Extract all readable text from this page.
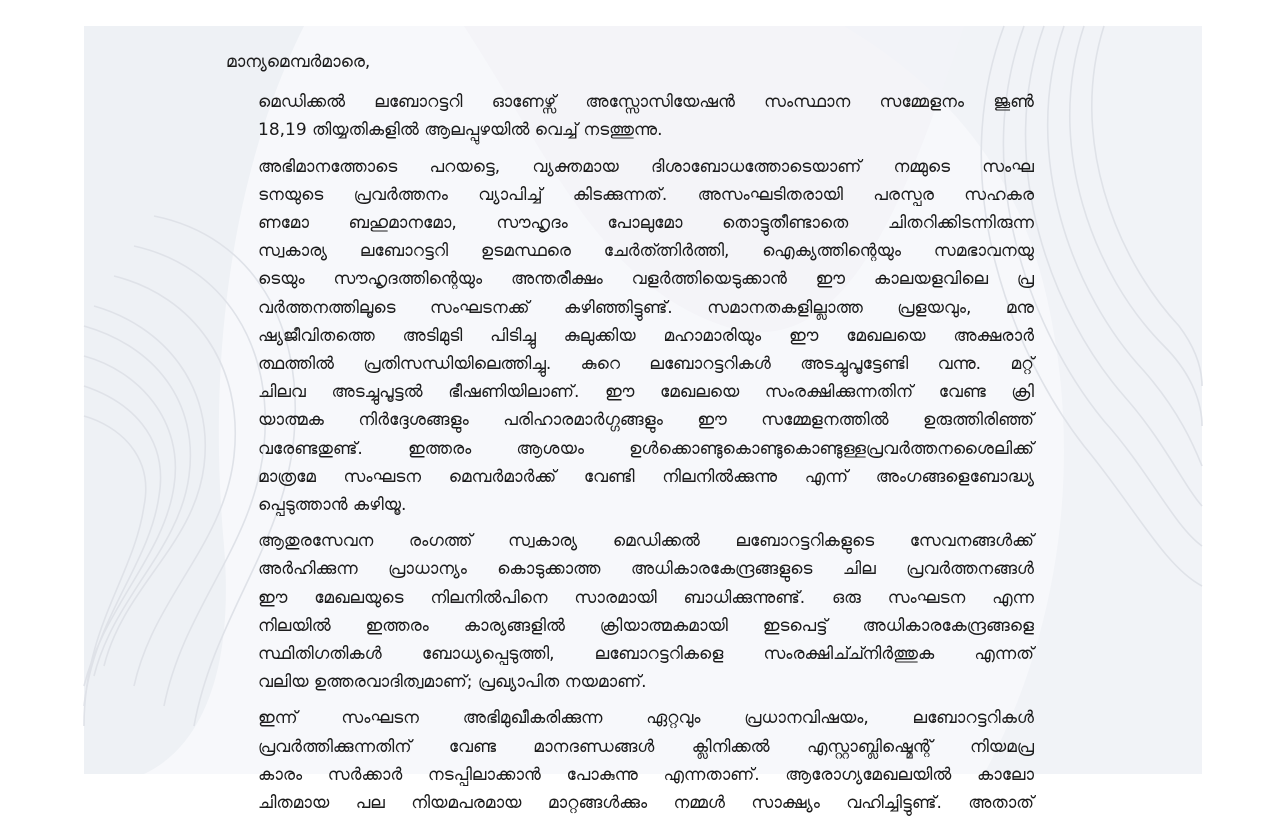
മാന്യമെമ്പർമാരെ,
മെഡിക്കൽ ലബോറട്ടറി ഓണേഴ്സ് അസ്സോസിയേഷൻ സംസ്ഥാന സമ്മേളനം ജൂൺ
18,19 തിയ്യതികളിൽ ആലപ്പുഴയിൽ വെച്ച് നടത്തുന്നു.
അഭിമാനത്തോടെ പറയട്ടെ, വ്യക്തമായ ദിശാബോധത്തോടെയാണ് നമ്മുടെ സംഘ
ടനയുടെ പ്രവർത്തനം വ്യാപിച്ച് കിടക്കുന്നത്. അസംഘടിതരായി പരസ്പര സഹകര
ണമോ ബഹുമാനമോ, സൗഹൃദം പോലുമോ തൊട്ടുതീണ്ടാതെ ചിതറിക്കിടന്നിരുന്ന
സ്വകാര്യ ലബോറട്ടറി ഉടമസ്ഥരെ ചേർത്ത്നിർത്തി, ഐക്യത്തിന്റെയും സമഭാവനയു
ടെയും സൗഹൃദത്തിന്റെയും അന്തരീക്ഷം വളർത്തിയെടുക്കാൻ ഈ കാലയളവിലെ പ്ര
വർത്തനത്തിലൂടെ സംഘടനക്ക് കഴിഞ്ഞിട്ടുണ്ട്. സമാനതകളില്ലാത്ത പ്രളയവും, മനു
ഷ്യജീവിതത്തെ അടിമുടി പിടിച്ചു കുലുക്കിയ മഹാമാരിയും ഈ മേഖലയെ അക്ഷരാർ
ത്ഥത്തിൽ പ്രതിസന്ധിയിലെത്തിച്ചു. കുറെ ലബോറട്ടറികൾ അടച്ചുപൂട്ടേണ്ടി വന്നു. മറ്റ്
ചിലവ അടച്ചുപൂട്ടൽ ഭീഷണിയിലാണ്. ഈ മേഖലയെ സംരക്ഷിക്കുന്നതിന് വേണ്ട ക്രി
യാത്മക നിർദ്ദേശങ്ങളും പരിഹാരമാർഗ്ഗങ്ങളും ഈ സമ്മേളനത്തിൽ ഉരുത്തിരിഞ്ഞ്
വരേണ്ടതുണ്ട്. ഇത്തരം ആശയം ഉൾക്കൊണ്ടുകൊണ്ടുകൊണ്ടുള്ളപ്രവർത്തനശൈലിക്ക്
മാത്രമേ സംഘടന മെമ്പർമാർക്ക് വേണ്ടി നിലനിൽക്കുന്നു എന്ന് അംഗങ്ങളെബോദ്ധ്യ
പ്പെടുത്താൻ കഴിയൂ.
ആതുരസേവന രംഗത്ത് സ്വകാര്യ മെഡിക്കൽ ലബോറട്ടറികളുടെ സേവനങ്ങൾക്ക്
അർഹിക്കുന്ന പ്രാധാന്യം കൊടുക്കാത്ത അധികാരകേന്ദ്രങ്ങളുടെ ചില പ്രവർത്തനങ്ങൾ
ഈ മേഖലയുടെ നിലനിൽപിനെ സാരമായി ബാധിക്കുന്നുണ്ട്. ഒരു സംഘടന എന്ന
നിലയിൽ ഇത്തരം കാര്യങ്ങളിൽ ക്രിയാത്മകമായി ഇടപെട്ട് അധികാരകേന്ദ്രങ്ങളെ
സ്ഥിതിഗതികൾ ബോധ്യപ്പെടുത്തി, ലബോറട്ടറികളെ സംരക്ഷിച്ച്നിർത്തുക എന്നത്
വലിയ ഉത്തരവാദിത്വമാണ്; പ്രഖ്യാപിത നയമാണ്.
ഇന്ന് സംഘടന അഭിമുഖീകരിക്കുന്ന ഏറ്റവും പ്രധാനവിഷയം, ലബോറട്ടറികൾ
പ്രവർത്തിക്കുന്നതിന് വേണ്ട മാനദണ്ഡങ്ങൾ ക്ലിനിക്കൽ എസ്റ്റാബ്ലിഷ്മെന്റ് നിയമപ്ര
കാരം സർക്കാർ നടപ്പിലാക്കാൻ പോകുന്നു എന്നതാണ്. ആരോഗ്യമേഖലയിൽ കാലോ
ചിതമായ പല നിയമപരമായ മാറ്റങ്ങൾക്കും നമ്മൾ സാക്ഷ്യം വഹിച്ചിട്ടുണ്ട്. അതാത്
